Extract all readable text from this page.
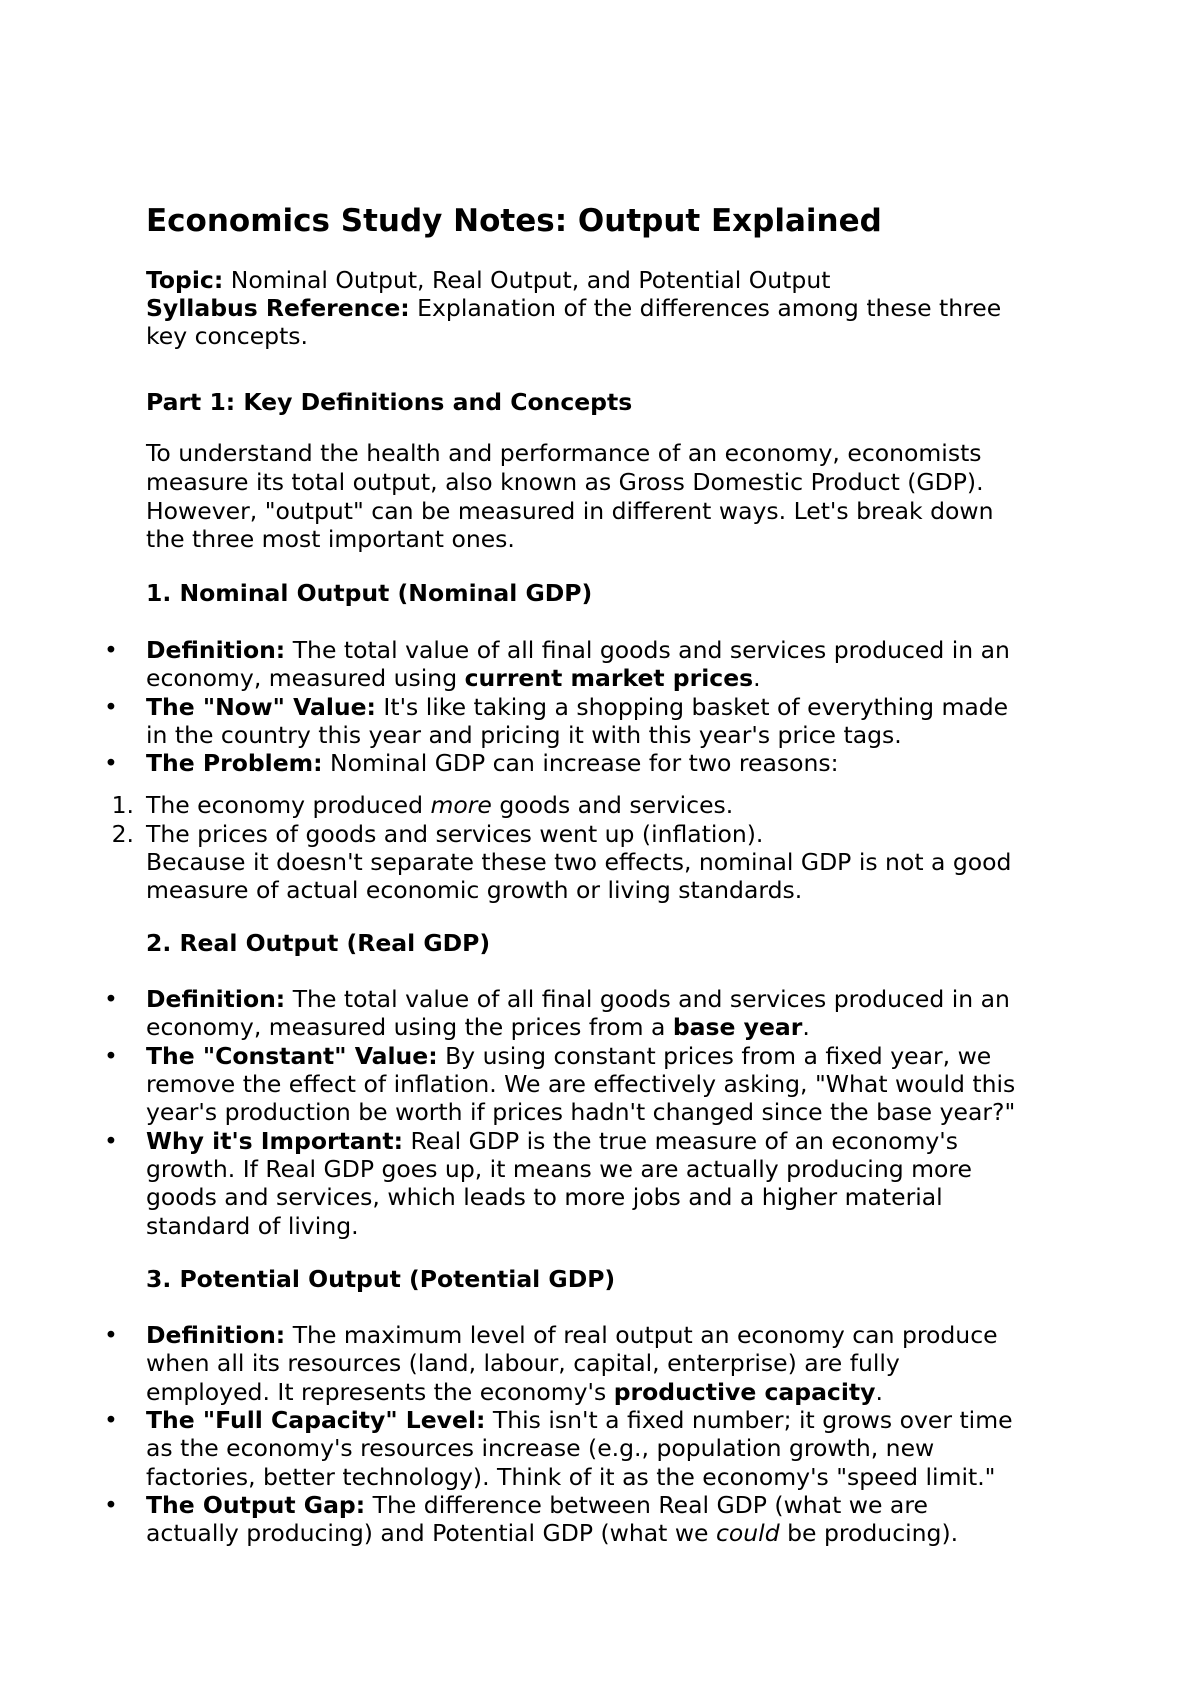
Economics Study Notes: Output Explained
Topic: Nominal Output, Real Output, and Potential Output
Syllabus Reference: Explanation of the differences among these three
key concepts.
Part 1: Key Definitions and Concepts
To understand the health and performance of an economy, economists
measure its total output, also known as Gross Domestic Product (GDP).
However, "output" can be measured in different ways. Let's break down
the three most important ones.
1. Nominal Output (Nominal GDP)
• Definition: The total value of all final goods and services produced in an
economy, measured using current market prices.
• The "Now" Value: It's like taking a shopping basket of everything made
in the country this year and pricing it with this year's price tags.
• The Problem: Nominal GDP can increase for two reasons:
1. The economy produced more goods and services.
2. The prices of goods and services went up (inflation).
Because it doesn't separate these two effects, nominal GDP is not a good
measure of actual economic growth or living standards.
2. Real Output (Real GDP)
• Definition: The total value of all final goods and services produced in an
economy, measured using the prices from a base year.
• The "Constant" Value: By using constant prices from a fixed year, we
remove the effect of inflation. We are effectively asking, "What would this
year's production be worth if prices hadn't changed since the base year?"
• Why it's Important: Real GDP is the true measure of an economy's
growth. If Real GDP goes up, it means we are actually producing more
goods and services, which leads to more jobs and a higher material
standard of living.
3. Potential Output (Potential GDP)
• Definition: The maximum level of real output an economy can produce
when all its resources (land, labour, capital, enterprise) are fully
employed. It represents the economy's productive capacity.
• The "Full Capacity" Level: This isn't a fixed number; it grows over time
as the economy's resources increase (e.g., population growth, new
factories, better technology). Think of it as the economy's "speed limit."
• The Output Gap: The difference between Real GDP (what we are
actually producing) and Potential GDP (what we could be producing).
